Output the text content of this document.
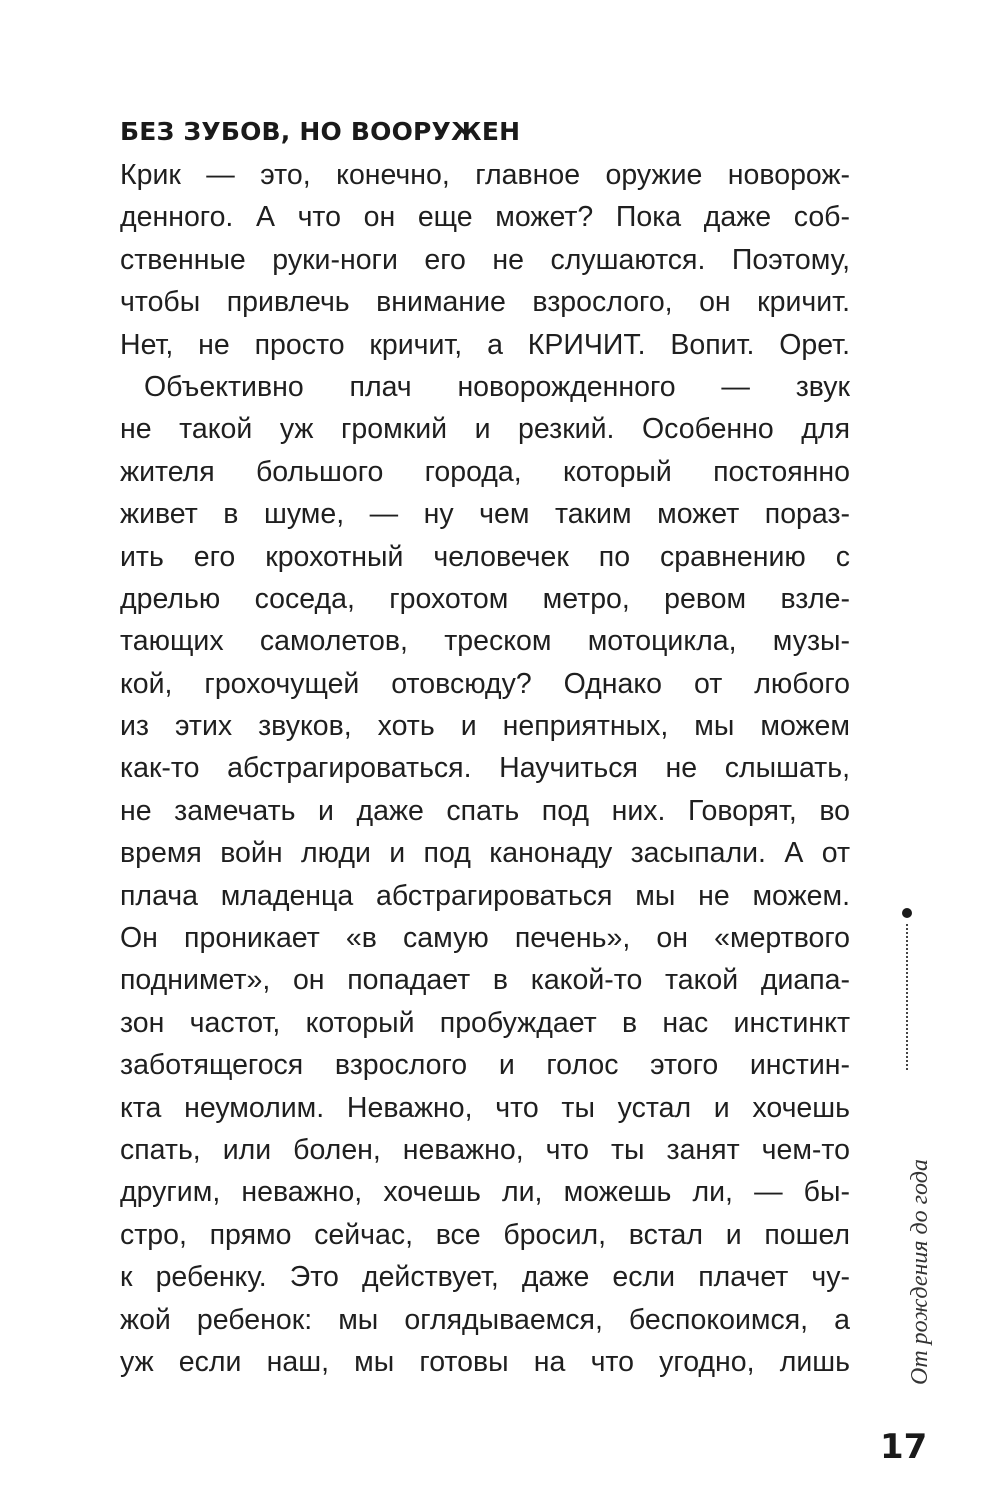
БЕЗ ЗУБОВ, НО ВООРУЖЕН
Крик — это, конечно, главное оружие новорож-
денного. А что он еще может? Пока даже соб-
ственные руки-ноги его не слушаются. Поэтому,
чтобы привлечь внимание взрослого, он кричит.
Нет, не просто кричит, а КРИЧИТ. Вопит. Орет.
Объективно плач новорожденного — звук
не такой уж громкий и резкий. Особенно для
жителя большого города, который постоянно
живет в шуме, — ну чем таким может пораз-
ить его крохотный человечек по сравнению с
дрелью соседа, грохотом метро, ревом взле-
тающих самолетов, треском мотоцикла, музы-
кой, грохочущей отовсюду? Однако от любого
из этих звуков, хоть и неприятных, мы можем
как-то абстрагироваться. Научиться не слышать,
не замечать и даже спать под них. Говорят, во
время войн люди и под канонаду засыпали. А от
плача младенца абстрагироваться мы не можем.
Он проникает «в самую печень», он «мертвого
поднимет», он попадает в какой-то такой диапа-
зон частот, который пробуждает в нас инстинкт
заботящегося взрослого и голос этого инстин-
кта неумолим. Неважно, что ты устал и хочешь
спать, или болен, неважно, что ты занят чем-то
другим, неважно, хочешь ли, можешь ли, — бы-
стро, прямо сейчас, все бросил, встал и пошел
к ребенку. Это действует, даже если плачет чу-
жой ребенок: мы оглядываемся, беспокоимся, а
уж если наш, мы готовы на что угодно, лишь От рождения до года
17
